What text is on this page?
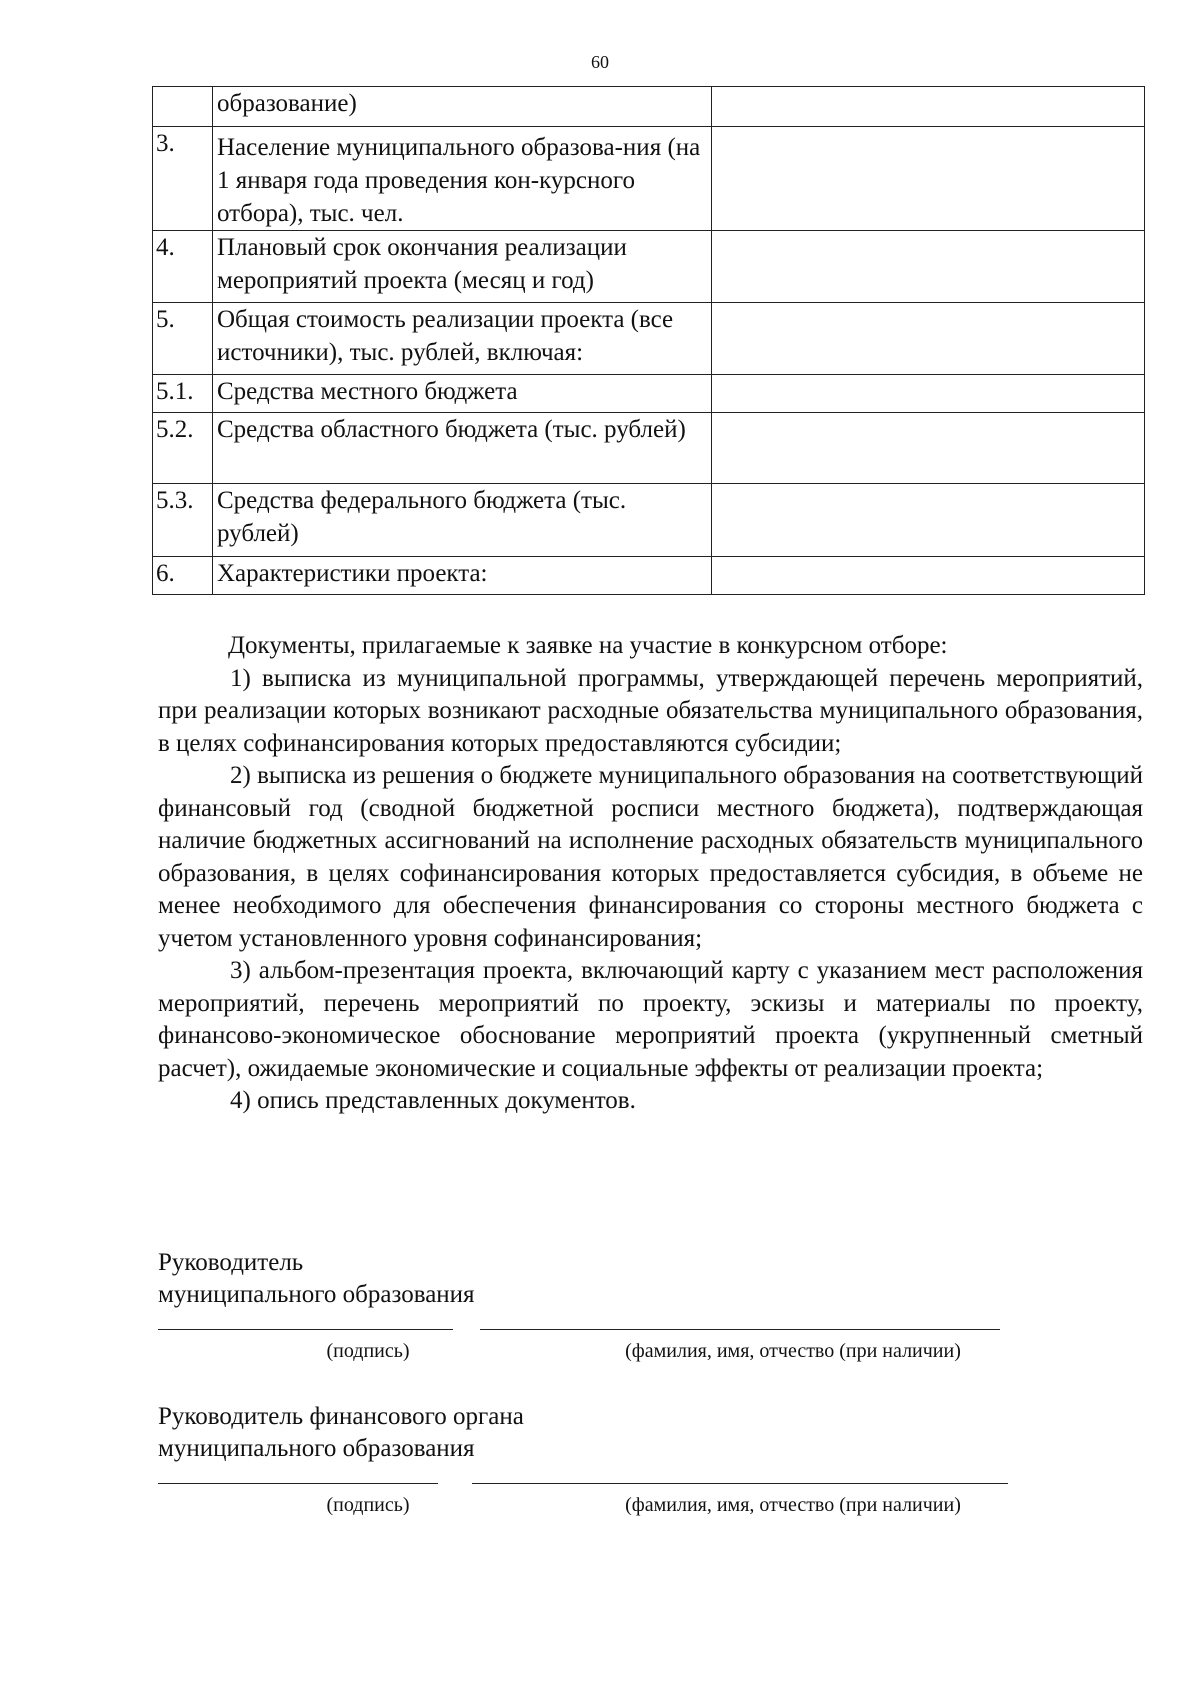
60
	образование)	
3.	Население муниципального образова-ния (на 1 января года проведения кон-курсного отбора), тыс. чел.	
4.	Плановый срок окончания реализации мероприятий проекта (месяц и год)	
5.	Общая стоимость реализации проекта (все источники), тыс. рублей, включая:	
5.1.	Средства местного бюджета	
5.2.	Средства областного бюджета (тыс. рублей)	
5.3.	Средства федерального бюджета (тыс. рублей)	
6.	Характеристики проекта:	

Документы, прилагаемые к заявке на участие в конкурсном отборе:

1) выписка из муниципальной программы, утверждающей перечень мероприятий, при реализации которых возникают расходные обязательства муниципального образования, в целях софинансирования которых предоставляются субсидии;

2) выписка из решения о бюджете муниципального образования на соответствующий финансовый год (сводной бюджетной росписи местного бюджета), подтверждающая наличие бюджетных ассигнований на исполнение расходных обязательств муниципального образования, в целях софинансирования которых предоставляется субсидия, в объеме не менее необходимого для обеспечения финансирования со стороны местного бюджета с учетом установленного уровня софинансирования;

3) альбом-презентация проекта, включающий карту с указанием мест расположения мероприятий, перечень мероприятий по проекту, эскизы и материалы по проекту, финансово-экономическое обоснование мероприятий проекта (укрупненный сметный расчет), ожидаемые экономические и социальные эффекты от реализации проекта;

4) опись представленных документов.

Руководитель
муниципального образования
(подпись)	(фамилия, имя, отчество (при наличии)
Руководитель финансового органа
муниципального образования
(подпись)	(фамилия, имя, отчество (при наличии)
